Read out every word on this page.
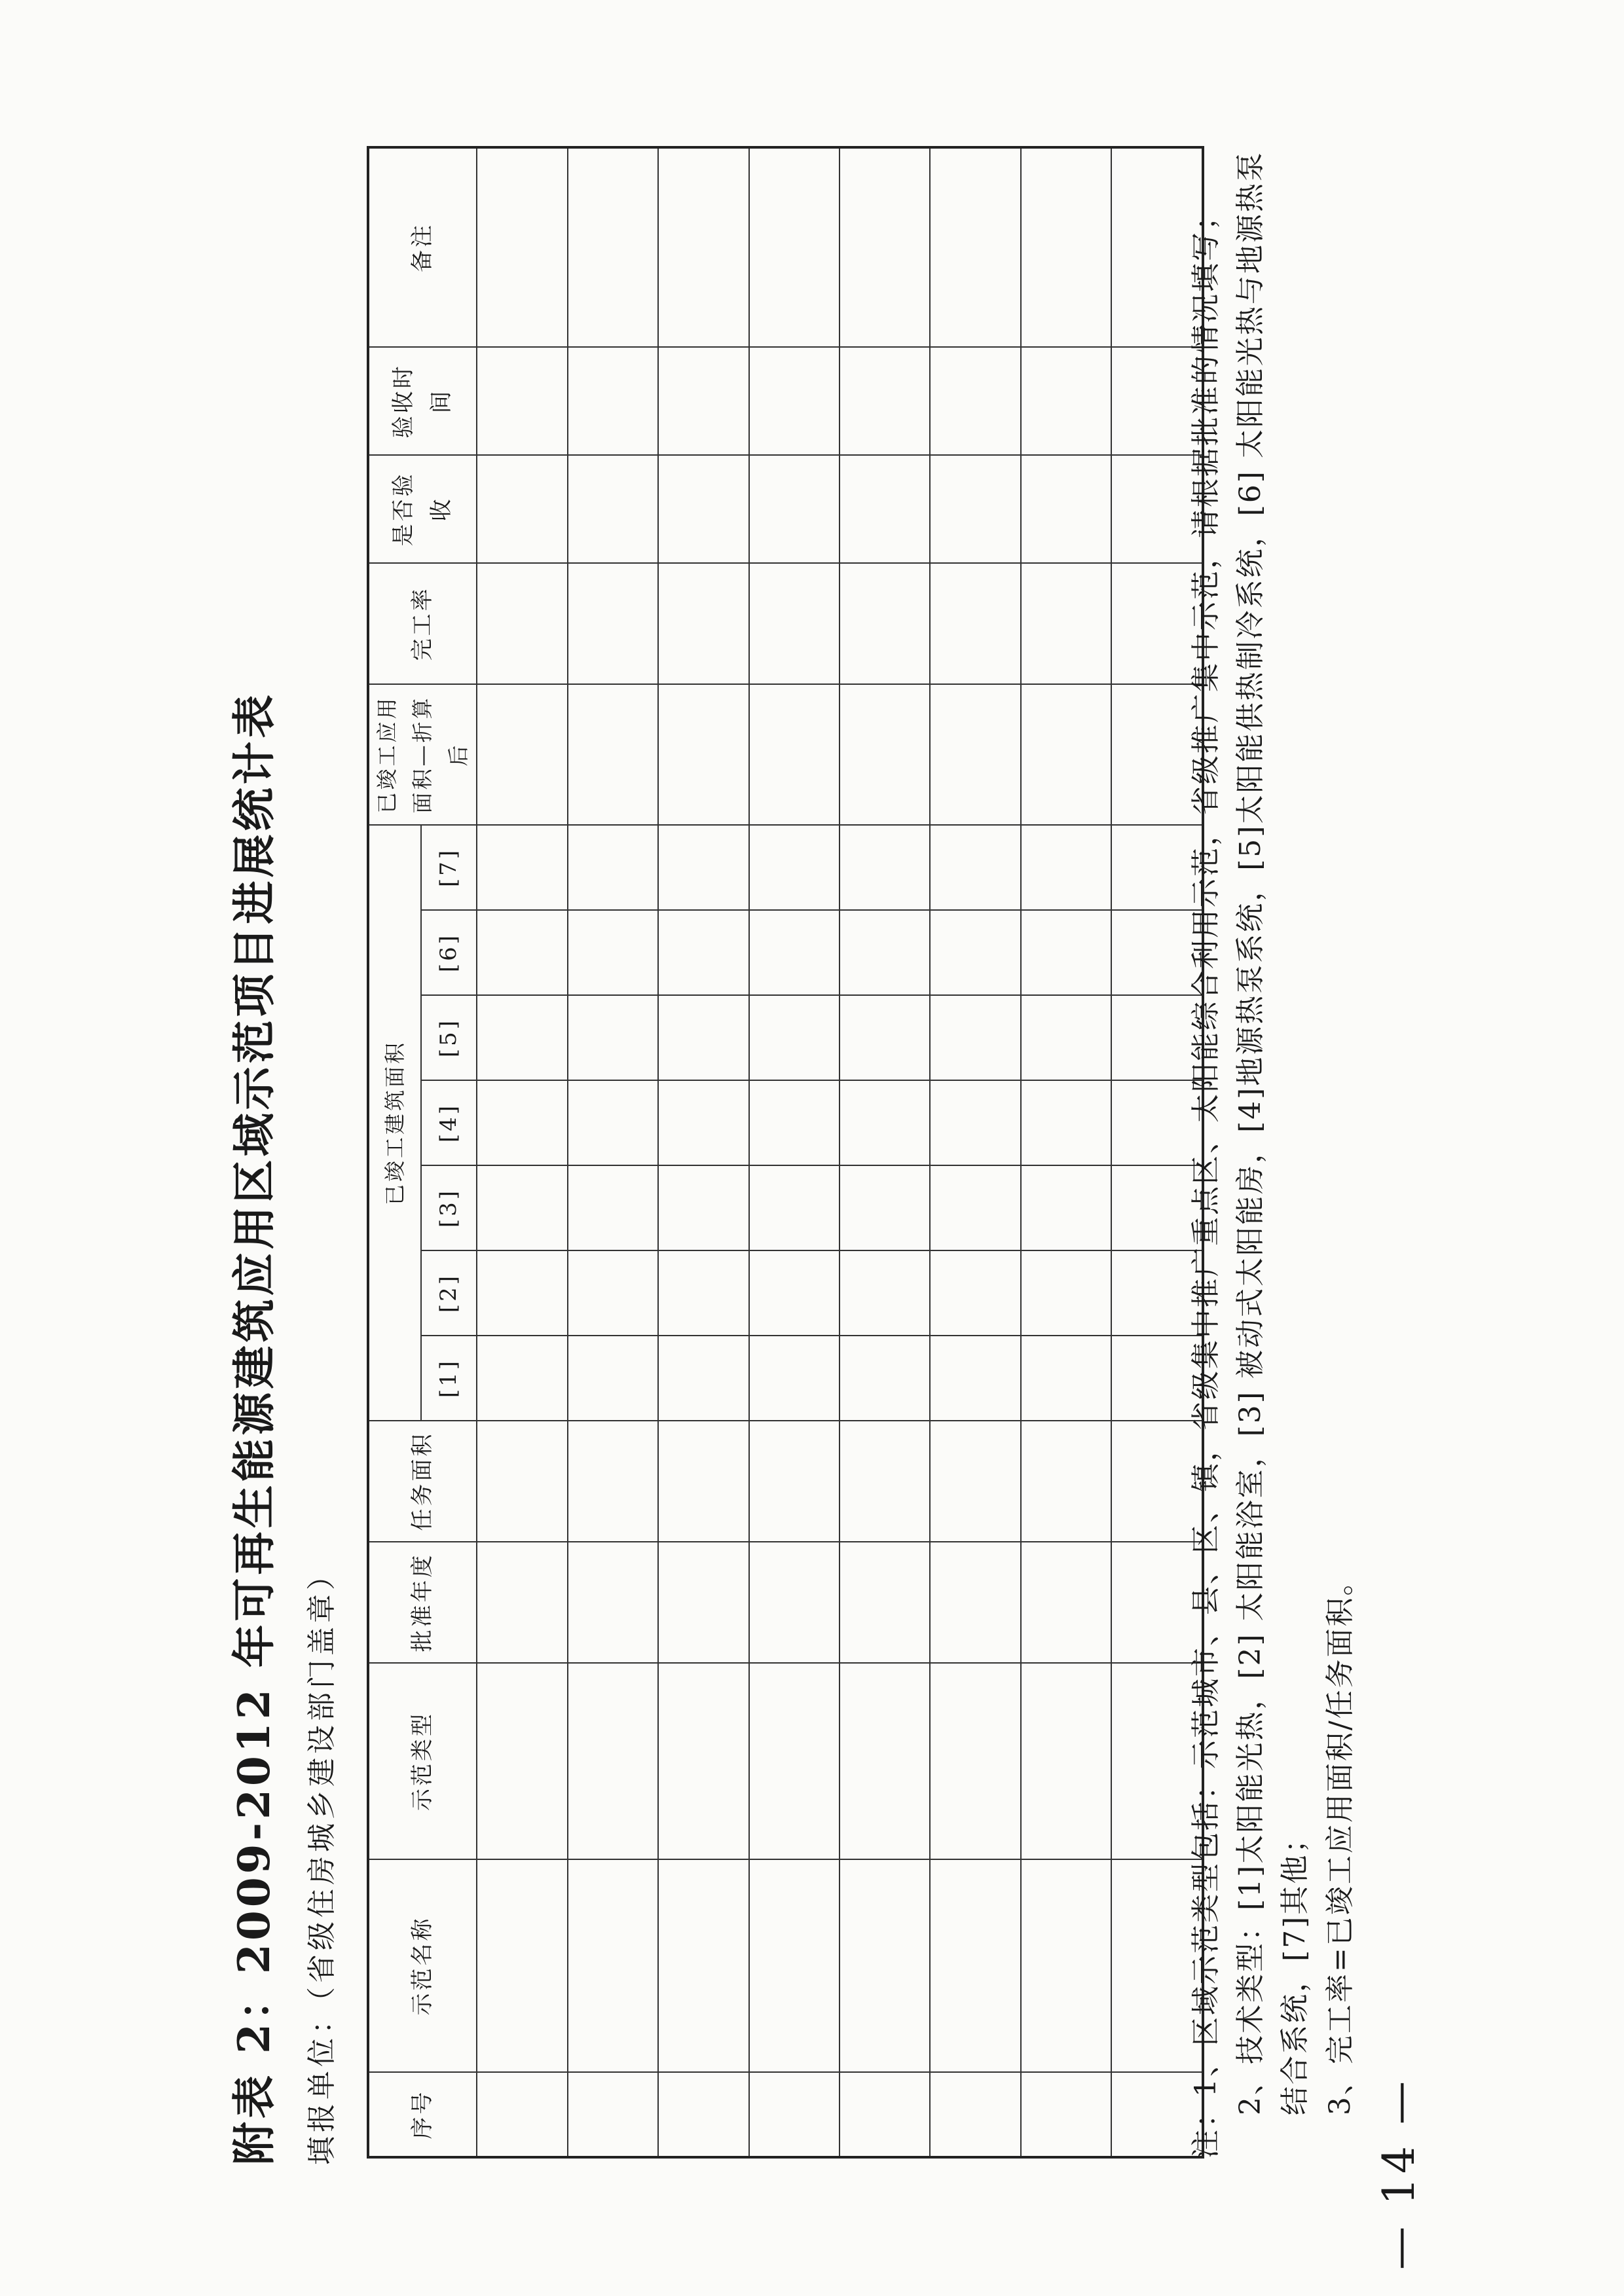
附表 2：2009-2012 年可再生能源建筑应用区域示范项目进展统计表 填报单位：（省级住房城乡建设部门盖章）	序号	示范名称	示范类型	批准年度	任务面积	已竣工建筑面积							已竣工应用面积—折算后	完工率	是否验收	验收时间	备注
					[1]	[2]	[3]	[4]	[5]	[6]	[7]					

																	注：1、区域示范类型包括：示范城市、县、区、镇，省级集中推广重点区、太阳能综合利用示范，省级推广集中示范，请根据批准的情况填写； 2、技术类型：[1]太阳能光热，[2] 太阳能浴室，[3] 被动式太阳能房，[4]地源热泵系统，[5]太阳能供热制冷系统，[6] 太阳能光热与地源热泵结合系统，[7]其他； 3、完工率=已竣工应用面积/任务面积。

— 14 —
